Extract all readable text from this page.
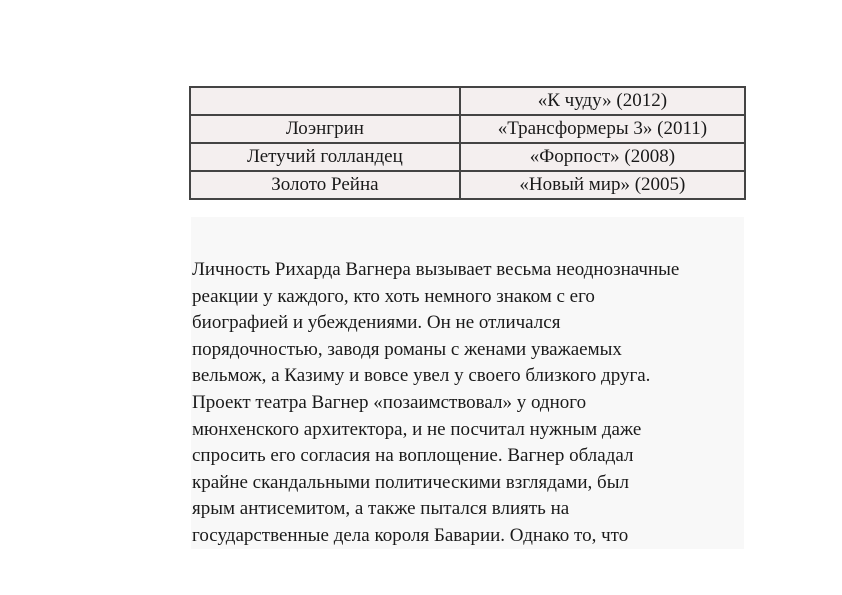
	«К чуду» (2012)
Лоэнгрин	«Трансформеры 3» (2011)
Летучий голландец	«Форпост» (2008)
Золото Рейна	«Новый мир» (2005)

Личность Рихарда Вагнера вызывает весьма неоднозначные
реакции у каждого, кто хоть немного знаком с его
биографией и убеждениями. Он не отличался
порядочностью, заводя романы с женами уважаемых
вельмож, а Казиму и вовсе увел у своего близкого друга.
Проект театра Вагнер «позаимствовал» у одного
мюнхенского архитектора, и не посчитал нужным даже
спросить его согласия на воплощение. Вагнер обладал
крайне скандальными политическими взглядами, был
ярым антисемитом, а также пытался влиять на
государственные дела короля Баварии. Однако то, что
